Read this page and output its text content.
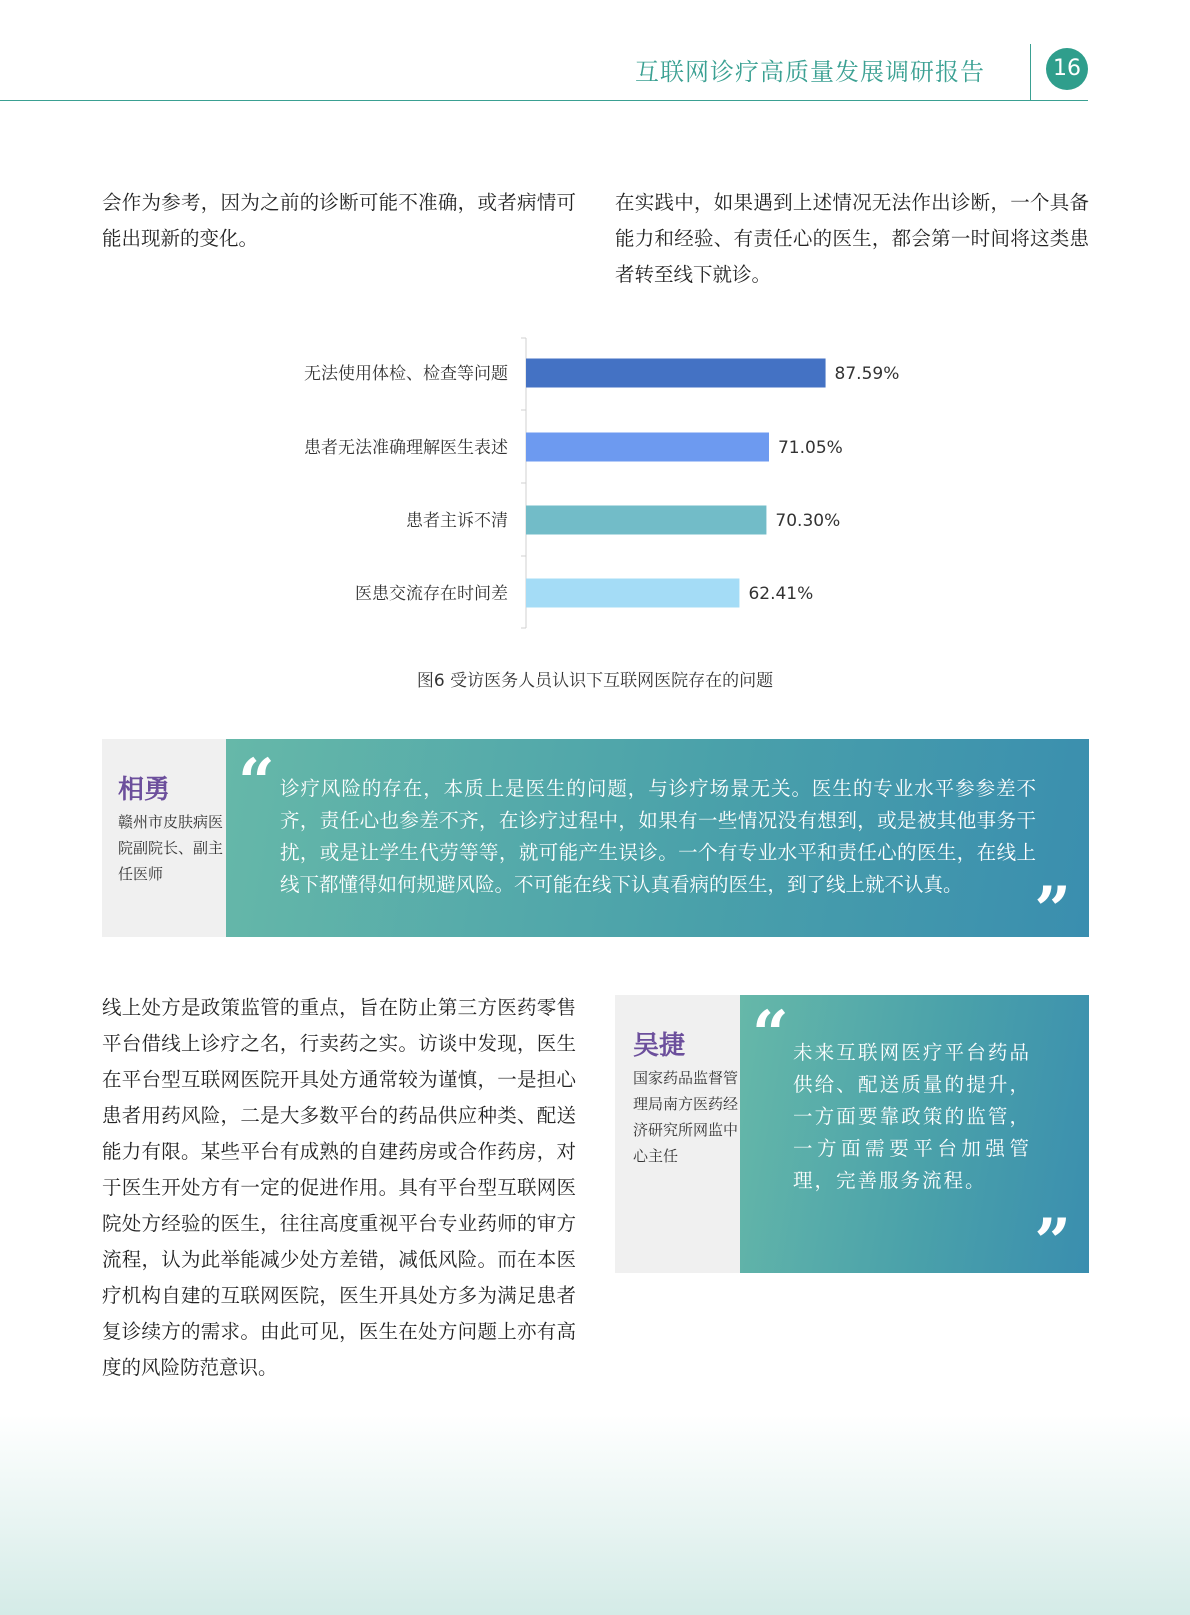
互联网诊疗高质量发展调研报告	16

会作为参考，因为之前的诊断可能不准确，或者病情可能出现新的变化。

在实践中，如果遇到上述情况无法作出诊断，一个具备能力和经验、有责任心的医生，都会第一时间将这类患者转至线下就诊。

无法使用体检、检查等问题	87.59%
患者无法准确理解医生表述	71.05%
患者主诉不清	70.30%
医患交流存在时间差	62.41%
图6 受访医务人员认识下互联网医院存在的问题
相勇

赣州市皮肤病医院副院长、副主任医师

“ 诊疗风险的存在，本质上是医生的问题，与诊疗场景无关。医生的专业水平参参差不齐，责任心也参差不齐，在诊疗过程中，如果有一些情况没有想到，或是被其他事务干扰，或是让学生代劳等等，就可能产生误诊。一个有专业水平和责任心的医生，在线上线下都懂得如何规避风险。不可能在线下认真看病的医生，到了线上就不认真。	”

线上处方是政策监管的重点，旨在防止第三方医药零售平台借线上诊疗之名，行卖药之实。访谈中发现，医生在平台型互联网医院开具处方通常较为谨慎，一是担心患者用药风险，二是大多数平台的药品供应种类、配送能力有限。某些平台有成熟的自建药房或合作药房，对于医生开处方有一定的促进作用。具有平台型互联网医院处方经验的医生，往往高度重视平台专业药师的审方流程，认为此举能减少处方差错，减低风险。而在本医疗机构自建的互联网医院，医生开具处方多为满足患者复诊续方的需求。由此可见，医生在处方问题上亦有高度的风险防范意识。

吴捷

国家药品监督管理局南方医药经济研究所网监中心主任

“ 未来互联网医疗平台药品供给、配送质量的提升，一方面要靠政策的监管，一方面需要平台加强管理，完善服务流程。

”
